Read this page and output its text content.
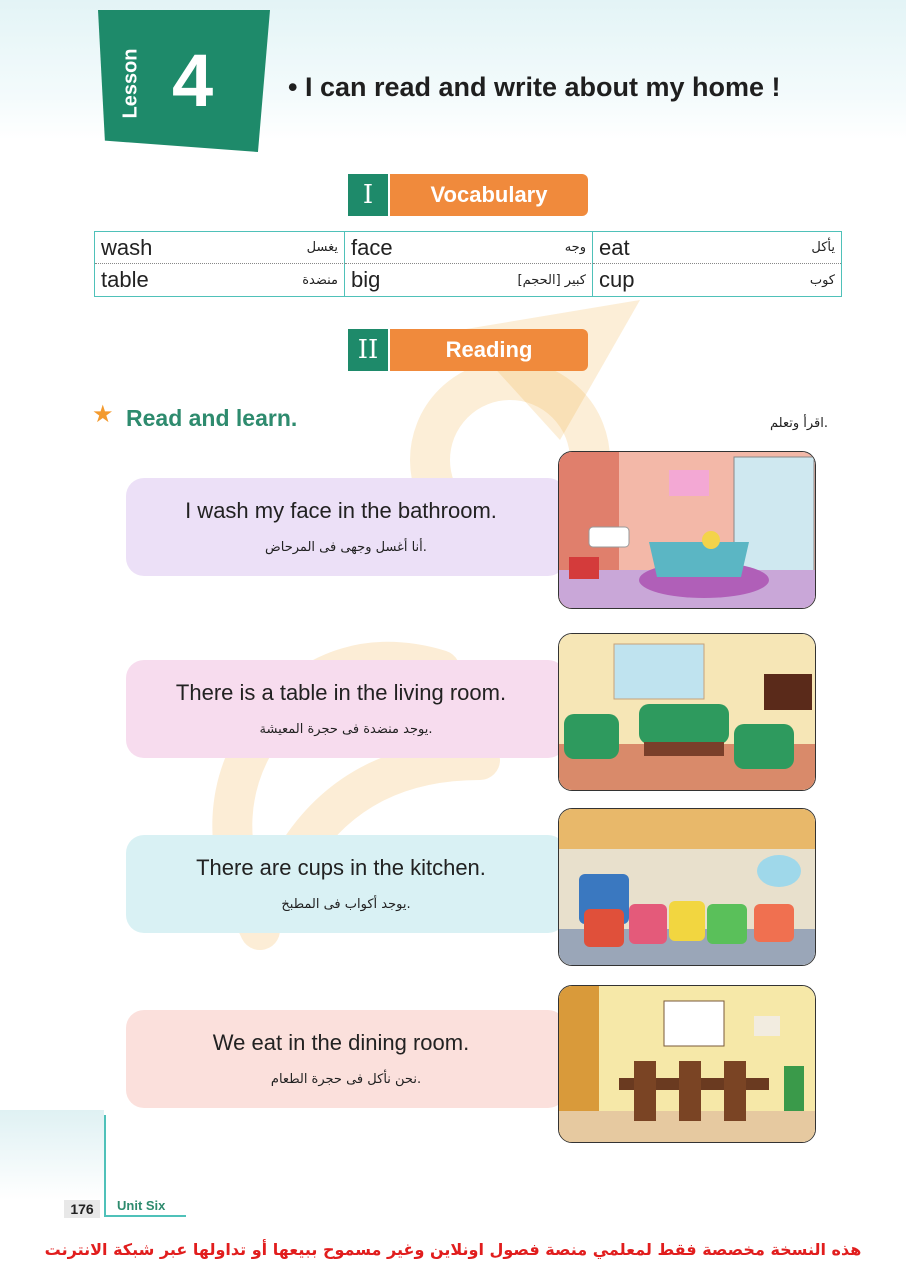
Lesson 4	• I can read and write about my home !
I	Vocabulary
wash	يغسل face	وجه eat	يأكل
table	منضدة big	كبير [الحجم] cup	كوب
II	Reading
★ Read and learn.	اقرأ وتعلم.
I wash my face in the bathroom.
أنا أغسل وجهى فى المرحاض.
There is a table in the living room.
يوجد منضدة فى حجرة المعيشة.
There are cups in the kitchen.
يوجد أكواب فى المطبخ.
We eat in the dining room.
نحن نأكل فى حجرة الطعام.
176	Unit Six
هذه النسخة مخصصة فقط لمعلمي منصة فصول اونلاين وغير مسموح ببيعها أو تداولها عبر شبكة الانترنت
